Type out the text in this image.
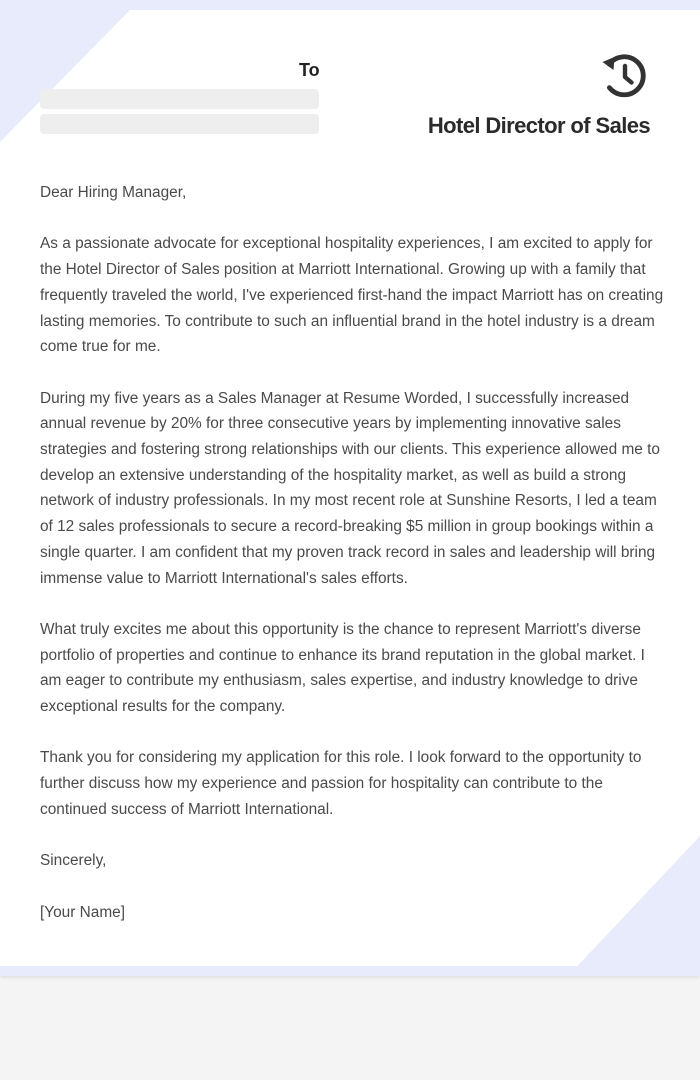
To
Hotel Director of Sales

Dear Hiring Manager,

As a passionate advocate for exceptional hospitality experiences, I am excited to apply for the Hotel Director of Sales position at Marriott International. Growing up with a family that frequently traveled the world, I've experienced first-hand the impact Marriott has on creating lasting memories. To contribute to such an influential brand in the hotel industry is a dream come true for me.

During my five years as a Sales Manager at Resume Worded, I successfully increased annual revenue by 20% for three consecutive years by implementing innovative sales strategies and fostering strong relationships with our clients. This experience allowed me to develop an extensive understanding of the hospitality market, as well as build a strong network of industry professionals. In my most recent role at Sunshine Resorts, I led a team of 12 sales professionals to secure a record-breaking $5 million in group bookings within a single quarter. I am confident that my proven track record in sales and leadership will bring immense value to Marriott International's sales efforts.

What truly excites me about this opportunity is the chance to represent Marriott's diverse portfolio of properties and continue to enhance its brand reputation in the global market. I am eager to contribute my enthusiasm, sales expertise, and industry knowledge to drive exceptional results for the company.

Thank you for considering my application for this role. I look forward to the opportunity to further discuss how my experience and passion for hospitality can contribute to the continued success of Marriott International.

Sincerely,

[Your Name]
